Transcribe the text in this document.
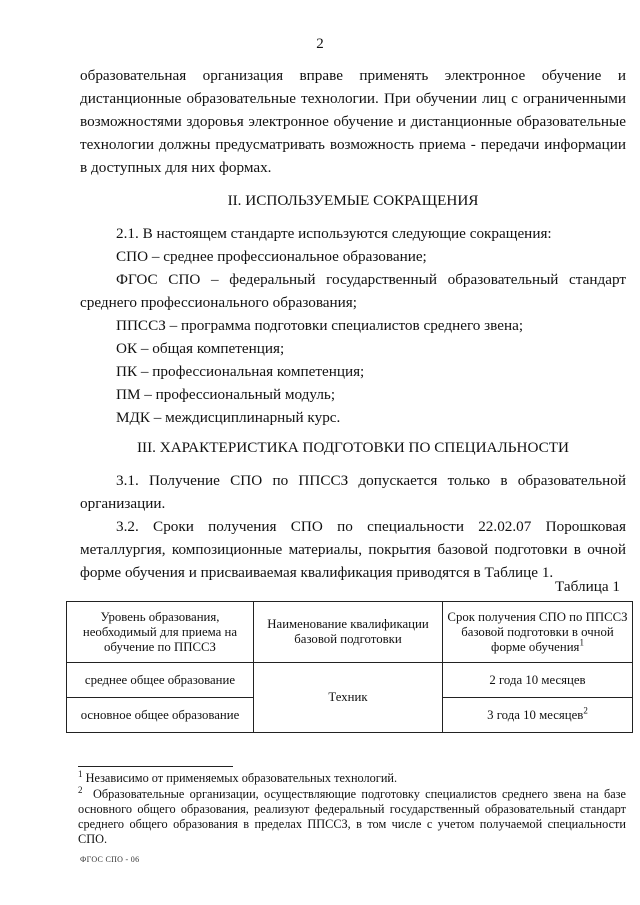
2
образовательная организация вправе применять электронное обучение и дистанционные образовательные технологии. При обучении лиц с ограниченными возможностями здоровья электронное обучение и дистанционные образовательные технологии должны предусматривать возможность приема - передачи информации в доступных для них формах.
II. ИСПОЛЬЗУЕМЫЕ СОКРАЩЕНИЯ
2.1. В настоящем стандарте используются следующие сокращения:
СПО – среднее профессиональное образование;
ФГОС СПО – федеральный государственный образовательный стандарт среднего профессионального образования;
ППССЗ – программа подготовки специалистов среднего звена;
ОК – общая компетенция;
ПК – профессиональная компетенция;
ПМ – профессиональный модуль;
МДК – междисциплинарный курс.
III. ХАРАКТЕРИСТИКА ПОДГОТОВКИ ПО СПЕЦИАЛЬНОСТИ
3.1. Получение СПО по ППССЗ допускается только в образовательной организации.
3.2. Сроки получения СПО по специальности 22.02.07 Порошковая металлургия, композиционные материалы, покрытия базовой подготовки в очной форме обучения и присваиваемая квалификация приводятся в Таблице 1.
Таблица 1
Уровень образования, необходимый для приема на обучение по ППССЗ	Наименование квалификации базовой подготовки	Срок получения СПО по ППССЗ базовой подготовки в очной форме обучения$^1$
среднее общее образование	Техник	2 года 10 месяцев
основное общее образование		3 года 10 месяцев$^2$
$^1$ Независимо от применяемых образовательных технологий.
$^2$ Образовательные организации, осуществляющие подготовку специалистов среднего звена на базе основного общего образования, реализуют федеральный государственный образовательный стандарт среднего общего образования в пределах ППССЗ, в том числе с учетом получаемой специальности СПО.
ФГОС СПО - 06
